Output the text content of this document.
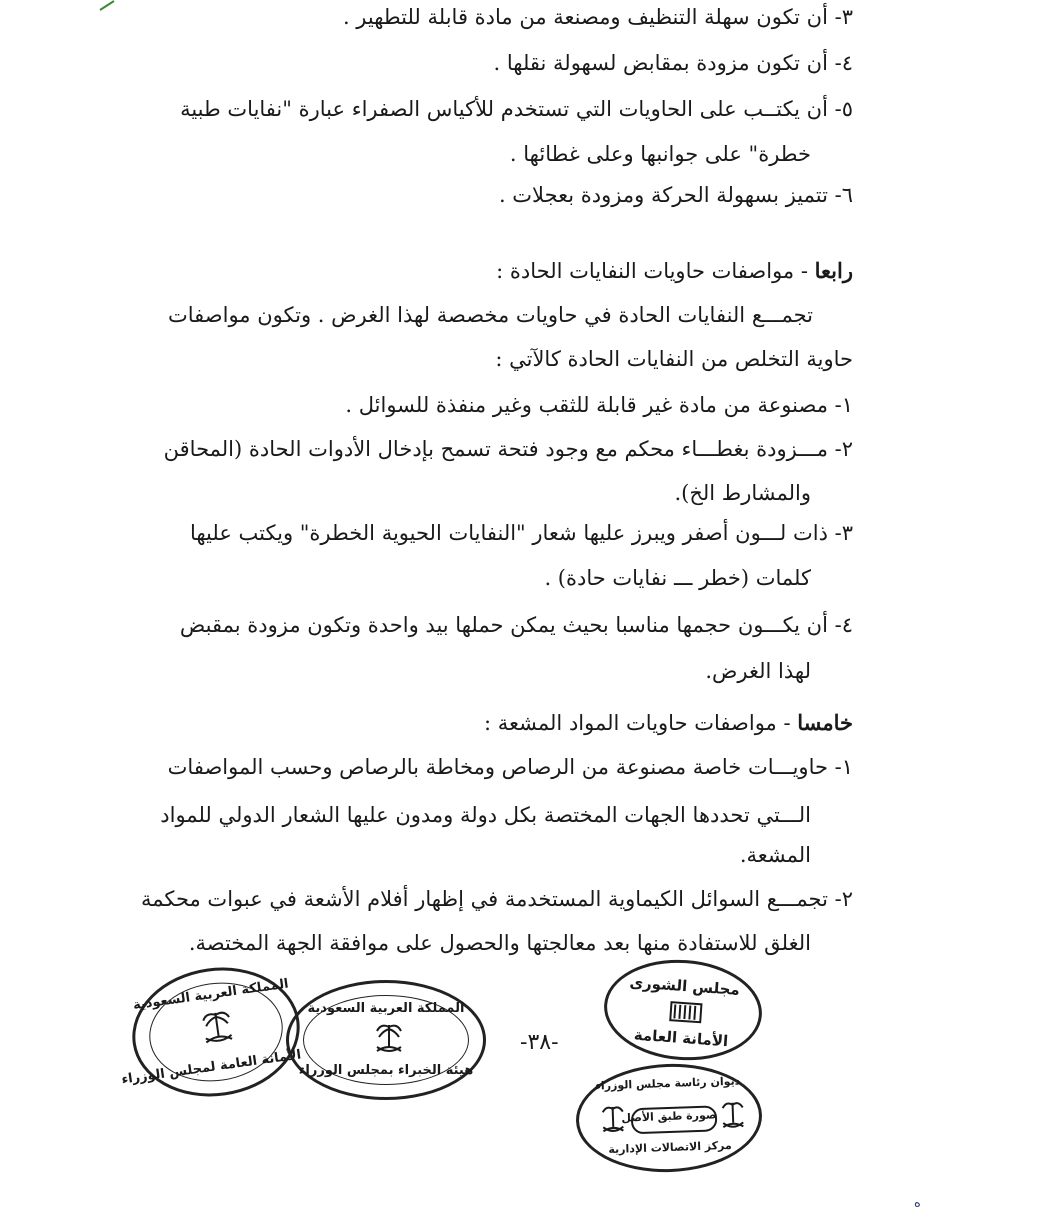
٣- أن تكون سهلة التنظيف ومصنعة من مادة قابلة للتطهير .
٤- أن تكون مزودة بمقابض لسهولة نقلها .
٥- أن يكتــب على الحاويات التي تستخدم للأكياس الصفراء عبارة "نفايات طبية
خطرة" على جوانبها وعلى غطائها .
٦- تتميز بسهولة الحركة ومزودة بعجلات .
رابعا - مواصفات حاويات النفايات الحادة :
تجمـــع النفايات الحادة في حاويات مخصصة لهذا الغرض . وتكون مواصفات
حاوية التخلص من النفايات الحادة كالآتي :
١- مصنوعة من مادة غير قابلة للثقب وغير منفذة للسوائل .
٢- مـــزودة بغطـــاء محكم مع وجود فتحة تسمح بإدخال الأدوات الحادة (المحاقن
والمشارط الخ).
٣- ذات لـــون أصفر ويبرز عليها شعار "النفايات الحيوية الخطرة" ويكتب عليها
كلمات (خطر ـــ نفايات حادة) .
٤- أن يكـــون حجمها مناسبا بحيث يمكن حملها بيد واحدة وتكون مزودة بمقبض
لهذا الغرض.
خامسا - مواصفات حاويات المواد المشعة :
١- حاويـــات خاصة مصنوعة من الرصاص ومخاطة بالرصاص وحسب المواصفات
الـــتي تحددها الجهات المختصة بكل دولة ومدون عليها الشعار الدولي للمواد
المشعة.
٢- تجمـــع السوائل الكيماوية المستخدمة في إظهار أفلام الأشعة في عبوات محكمة
الغلق للاستفادة منها بعد معالجتها والحصول على موافقة الجهة المختصة.
-٣٨-
المملكة العربية السعودية
الأمانة العامة لمجلس الوزراء
المملكة العربية السعودية
هيئة الخبراء بمجلس الوزراء
مجلس الشورى
الأمانة العامة
ديوان رئاسة مجلس الوزراء
صورة طبق الأصل
مركز الاتصالات الإدارية
ه
